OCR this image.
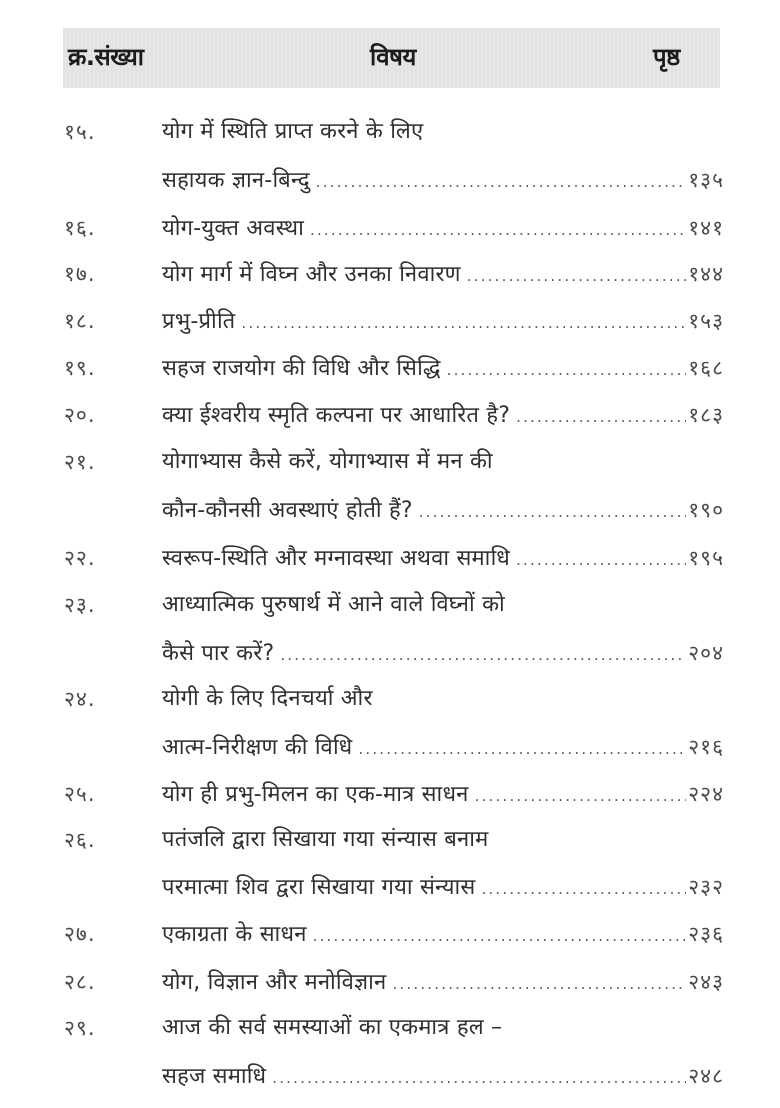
क्र.संख्या	विषय	पृष्ठ
१५.	योग में स्थिति प्राप्त करने के लिए
सहायक ज्ञान-बिन्दु .....	१३५
१६.	योग-युक्त अवस्था .....	१४१
१७.	योग मार्ग में विघ्न और उनका निवारण .....	१४४
१८.	प्रभु-प्रीति .....	१५३
१९.	सहज राजयोग की विधि और सिद्धि .....	१६८
२०.	क्या ईश्वरीय स्मृति कल्पना पर आधारित है? .....	१८३
२१.	योगाभ्यास कैसे करें, योगाभ्यास में मन की
कौन-कौनसी अवस्थाएं होती हैं? .....	१९०
२२.	स्वरूप-स्थिति और मग्नावस्था अथवा समाधि .....	१९५
२३.	आध्यात्मिक पुरुषार्थ में आने वाले विघ्नों को
कैसे पार करें? .....	२०४
२४.	योगी के लिए दिनचर्या और
आत्म-निरीक्षण की विधि .....	२१६
२५.	योग ही प्रभु-मिलन का एक-मात्र साधन .....	२२४
२६.	पतंजलि द्वारा सिखाया गया संन्यास बनाम
परमात्मा शिव द्वरा सिखाया गया संन्यास .....	२३२
२७.	एकाग्रता के साधन .....	२३६
२८.	योग, विज्ञान और मनोविज्ञान .....	२४३
२९.	आज की सर्व समस्याओं का एकमात्र हल –
सहज समाधि .....	२४८
